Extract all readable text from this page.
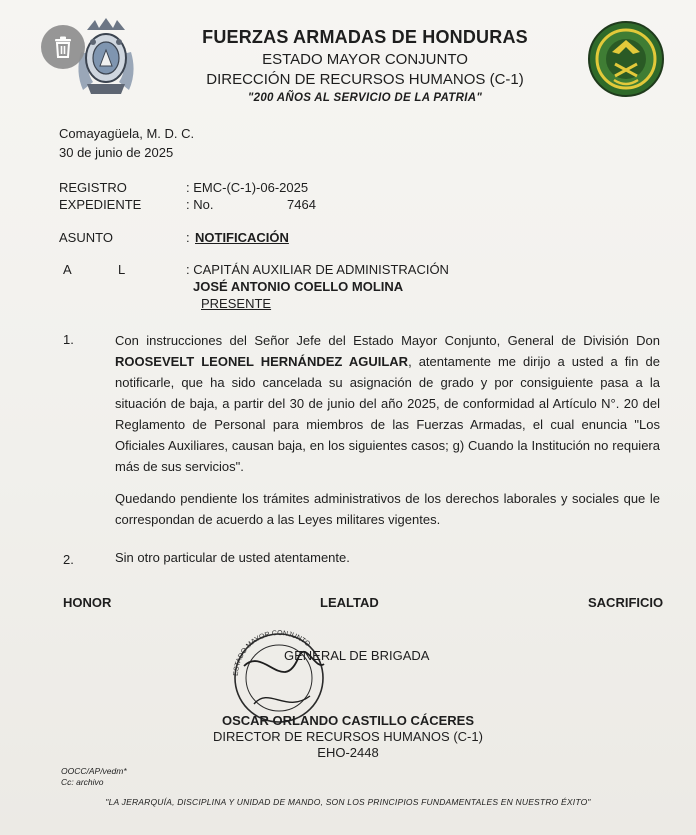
FUERZAS ARMADAS DE HONDURAS
ESTADO MAYOR CONJUNTO
DIRECCIÓN DE RECURSOS HUMANOS (C-1)
"200 AÑOS AL SERVICIO DE LA PATRIA"
Comayagüela, M. D. C.
30 de junio de 2025
REGISTRO	: EMC-(C-1)-06-2025
EXPEDIENTE	: No.	7464
ASUNTO	: NOTIFICACIÓN
A	L	: CAPITÁN AUXILIAR DE ADMINISTRACIÓN
JOSÉ ANTONIO COELLO MOLINA
PRESENTE
1.	Con instrucciones del Señor Jefe del Estado Mayor Conjunto, General de División Don ROOSEVELT LEONEL HERNÁNDEZ AGUILAR, atentamente me dirijo a usted a fin de notificarle, que ha sido cancelada su asignación de grado y por consiguiente pasa a la situación de baja, a partir del 30 de junio del año 2025, de conformidad al Artículo N°. 20 del Reglamento de Personal para miembros de las Fuerzas Armadas, el cual enuncia "Los Oficiales Auxiliares, causan baja, en los siguientes casos; g) Cuando la Institución no requiera más de sus servicios".
Quedando pendiente los trámites administrativos de los derechos laborales y sociales que le correspondan de acuerdo a las Leyes militares vigentes.
2.	Sin otro particular de usted atentamente.
HONOR	LEALTAD	SACRIFICIO
ESTADO MAYOR CONJUNTO
GENERAL DE BRIGADA
OSCAR ORLANDO CASTILLO CÁCERES
DIRECTOR DE RECURSOS HUMANOS (C-1)
EHO-2448
OOCC/AP/vedm*
Cc: archivo
"LA JERARQUÍA, DISCIPLINA Y UNIDAD DE MANDO, SON LOS PRINCIPIOS FUNDAMENTALES EN NUESTRO ÉXITO"
